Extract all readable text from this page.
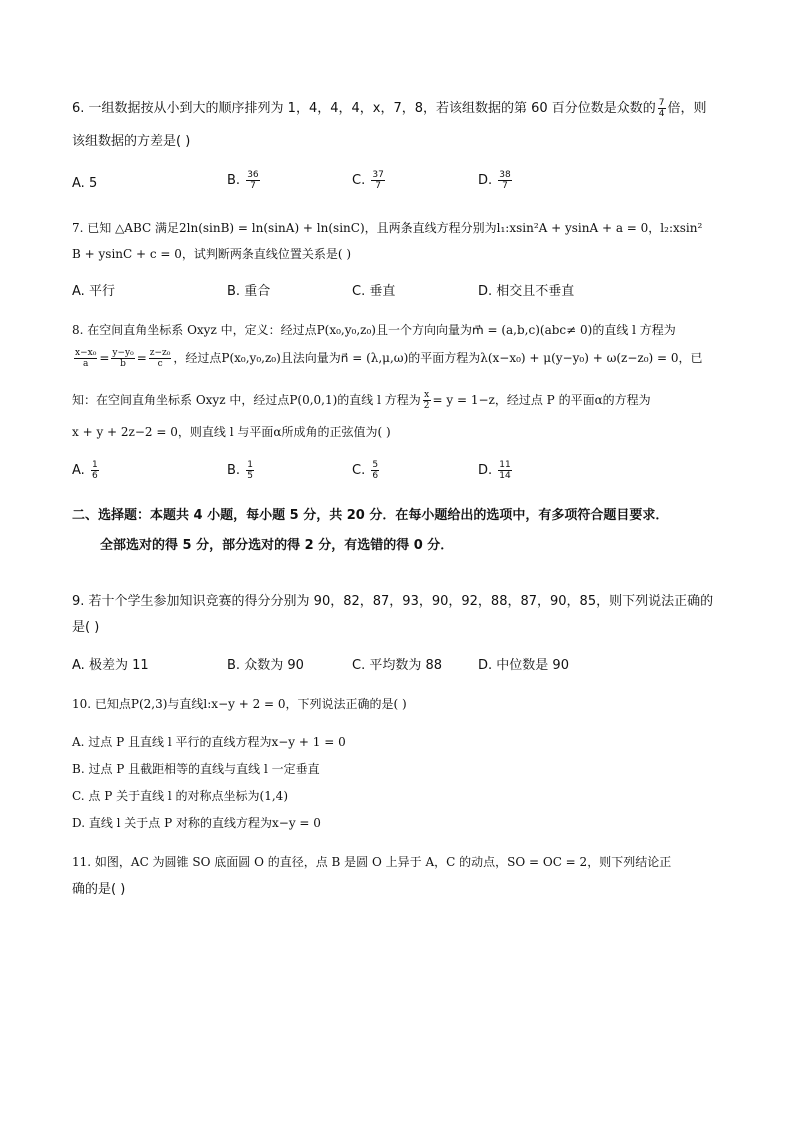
6. 一组数据按从小到大的顺序排列为 1，4，4，4，x，7，8，若该组数据的第 60 百分位数是众数的 $\frac{7}{4}$ 倍，则
该组数据的方差是( )
A. 5	B. $\frac{36}{7}$	C. $\frac{37}{7}$	D. $\frac{38}{7}$
7. 已知 △ABC 满足2ln(sinB) = ln(sinA) + ln(sinC)，且两条直线方程分别为l₁:xsin²A + ysinA + a = 0，l₂:xsin²
B + ysinC + c = 0，试判断两条直线位置关系是( )
A. 平行	B. 重合	C. 垂直	D. 相交且不垂直
8. 在空间直角坐标系 Oxyz 中，定义：经过点P(x₀,y₀,z₀)且一个方向向量为m⃗ = (a,b,c)(abc≠ 0)的直线 l 方程为
$\frac{\text{x−x₀}}{a} = \frac{\text{y−y₀}}{b} = \frac{\text{z−z₀}}{c}$ ，经过点P(x₀,y₀,z₀)且法向量为n⃗ = (λ,μ,ω)的平面方程为λ(x−x₀) + μ(y−y₀) + ω(z−z₀) = 0，已
知：在空间直角坐标系 Oxyz 中，经过点P(0,0,1)的直线 l 方程为 $\frac{x}{2} = y = 1-z$，经过点 P 的平面α的方程为
x + y + 2z−2 = 0，则直线 l 与平面α所成角的正弦值为( )
A. $\frac{1}{6}$	B. $\frac{1}{5}$	C. $\frac{5}{6}$	D. $\frac{11}{14}$
二、选择题：本题共 4 小题，每小题 5 分，共 20 分．在每小题给出的选项中，有多项符合题目要求．
全部选对的得 5 分，部分选对的得 2 分，有选错的得 0 分．
9. 若十个学生参加知识竞赛的得分分别为 90，82，87，93，90，92，88，87，90，85，则下列说法正确的
是( )
A. 极差为 11	B. 众数为 90	C. 平均数为 88	D. 中位数是 90
10. 已知点P(2,3)与直线l:x−y + 2 = 0，下列说法正确的是( )
A. 过点 P 且直线 l 平行的直线方程为x−y + 1 = 0
B. 过点 P 且截距相等的直线与直线 l 一定垂直
C. 点 P 关于直线 l 的对称点坐标为(1,4)
D. 直线 l 关于点 P 对称的直线方程为x−y = 0
11. 如图，AC 为圆锥 SO 底面圆 O 的直径，点 B 是圆 O 上异于 A，C 的动点，SO = OC = 2，则下列结论正
确的是( )
